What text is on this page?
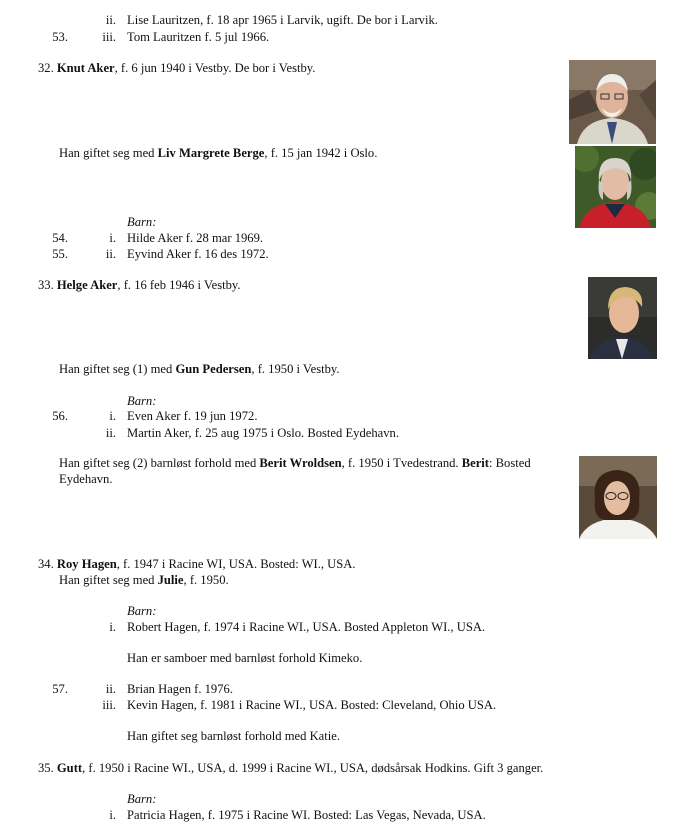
ii. Lise Lauritzen, f. 18 apr 1965 i Larvik, ugift. De bor i Larvik.
53.	iii. Tom Lauritzen f. 5 jul 1966.
32. Knut Aker, f. 6 jun 1940 i Vestby. De bor i Vestby.
Han giftet seg med Liv Margrete Berge, f. 15 jan 1942 i Oslo.
Barn:
54.	i. Hilde Aker f. 28 mar 1969.
55.	ii. Eyvind Aker f. 16 des 1972.
33. Helge Aker, f. 16 feb 1946 i Vestby.
Han giftet seg (1) med Gun Pedersen, f. 1950 i Vestby.
Barn:
56.	i. Even Aker f. 19 jun 1972.
ii. Martin Aker, f. 25 aug 1975 i Oslo. Bosted Eydehavn.
Han giftet seg (2) barnløst forhold med Berit Wroldsen, f. 1950 i Tvedestrand. Berit: Bosted
Eydehavn.
34. Roy Hagen, f. 1947 i Racine WI, USA. Bosted: WI., USA.
Han giftet seg med Julie, f. 1950.
Barn:
i. Robert Hagen, f. 1974 i Racine WI., USA. Bosted Appleton WI., USA.
Han er samboer med barnløst forhold Kimeko.
57.	ii. Brian Hagen f. 1976.
iii. Kevin Hagen, f. 1981 i Racine WI., USA. Bosted: Cleveland, Ohio USA.
Han giftet seg barnløst forhold med Katie.
35. Gutt, f. 1950 i Racine WI., USA, d. 1999 i Racine WI., USA, dødsårsak Hodkins. Gift 3 ganger.
Barn:
i. Patricia Hagen, f. 1975 i Racine WI. Bosted: Las Vegas, Nevada, USA.
